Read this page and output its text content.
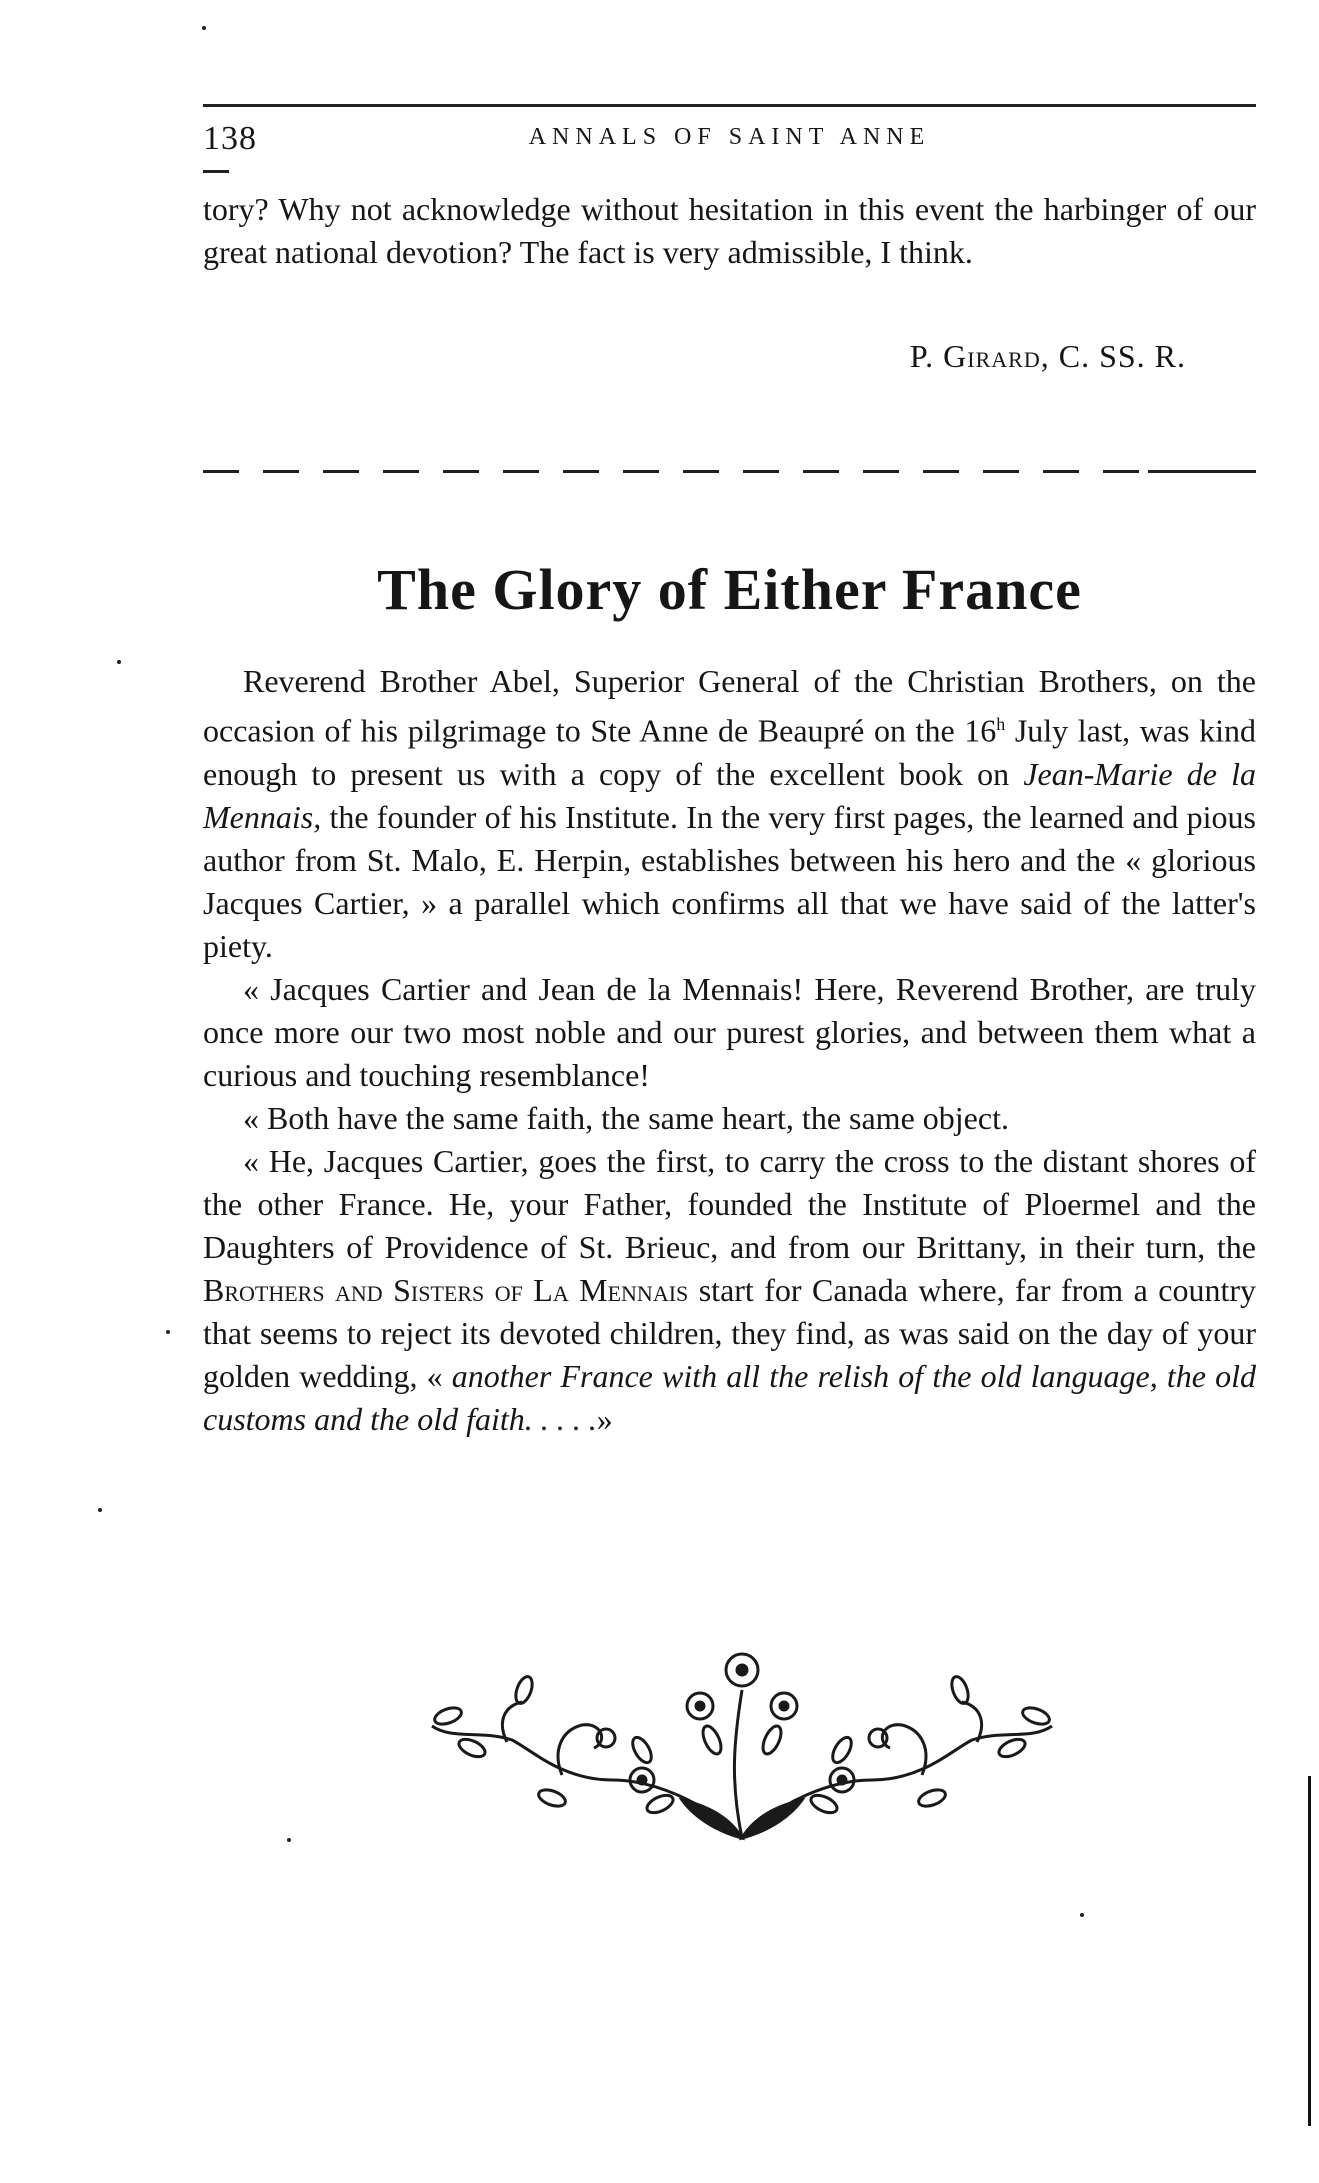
138	ANNALS OF SAINT ANNE

tory? Why not acknowledge without hesitation in this event the harbinger of our great national devotion? The fact is very admissible, I think.

P. Girard, C. SS. R.
The Glory of Either France

Reverend Brother Abel, Superior General of the Christian Brothers, on the occasion of his pilgrimage to Ste Anne de Beaupré on the 16$^h$ July last, was kind enough to present us with a copy of the excellent book on Jean-Marie de la Mennais, the founder of his Institute. In the very first pages, the learned and pious author from St. Malo, E. Herpin, establishes between his hero and the « glorious Jacques Cartier, » a parallel which confirms all that we have said of the latter's piety.

« Jacques Cartier and Jean de la Mennais! Here, Reverend Brother, are truly once more our two most noble and our purest glories, and between them what a curious and touching resemblance!

« Both have the same faith, the same heart, the same object.

« He, Jacques Cartier, goes the first, to carry the cross to the distant shores of the other France. He, your Father, founded the Institute of Ploermel and the Daughters of Providence of St. Brieuc, and from our Brittany, in their turn, the Brothers and Sisters of La Mennais start for Canada where, far from a country that seems to reject its devoted children, they find, as was said on the day of your golden wedding, « another France with all the relish of the old language, the old customs and the old faith. . . . .»
